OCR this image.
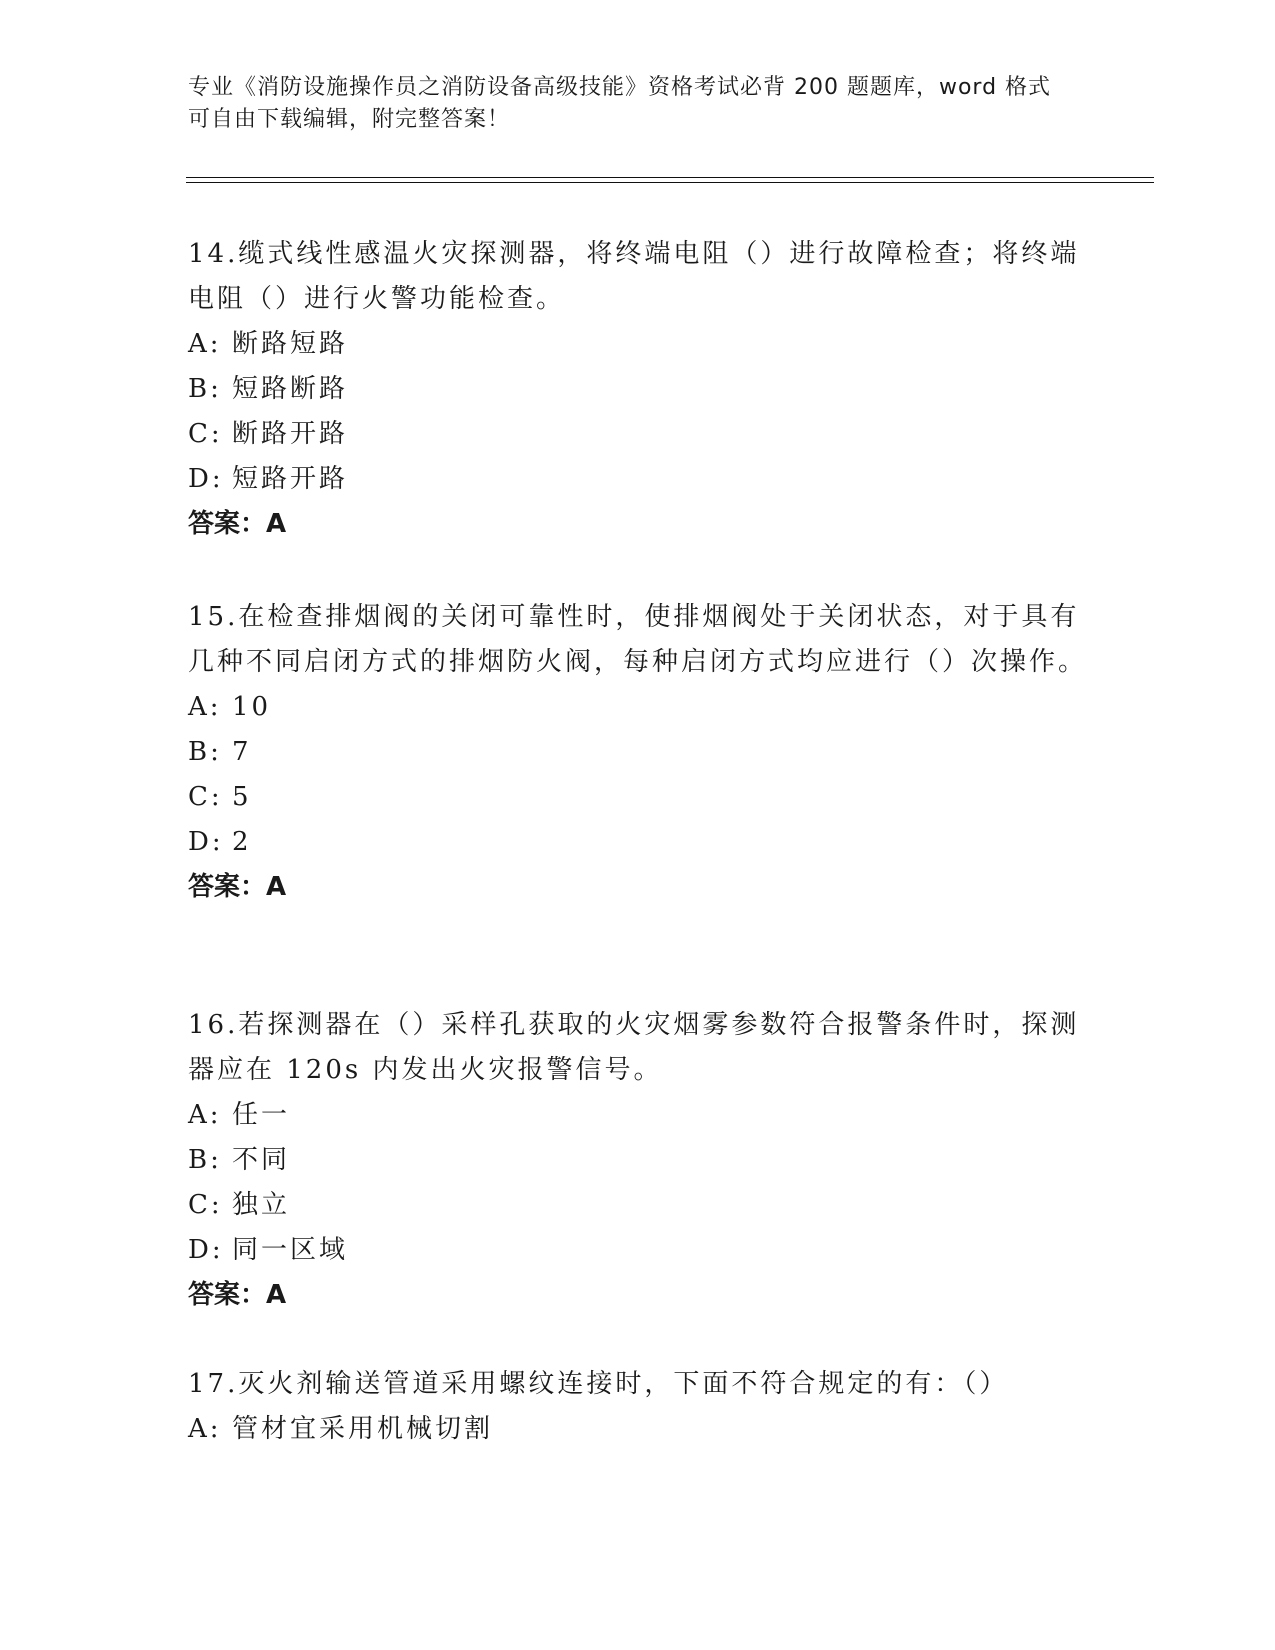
专业《消防设施操作员之消防设备高级技能》资格考试必背 200 题题库，word 格式可自由下载编辑，附完整答案！

14.缆式线性感温火灾探测器，将终端电阻（）进行故障检查；将终端电阻（）进行火警功能检查。

A: 断路短路

B: 短路断路

C: 断路开路

D: 短路开路

答案：A

15.在检查排烟阀的关闭可靠性时，使排烟阀处于关闭状态，对于具有几种不同启闭方式的排烟防火阀，每种启闭方式均应进行（）次操作。

A: 10

B: 7

C: 5

D: 2

答案：A

16.若探测器在（）采样孔获取的火灾烟雾参数符合报警条件时，探测器应在 120s 内发出火灾报警信号。

A: 任一

B: 不同

C: 独立

D: 同一区域

答案：A

17.灭火剂输送管道采用螺纹连接时，下面不符合规定的有：（）

A: 管材宜采用机械切割
